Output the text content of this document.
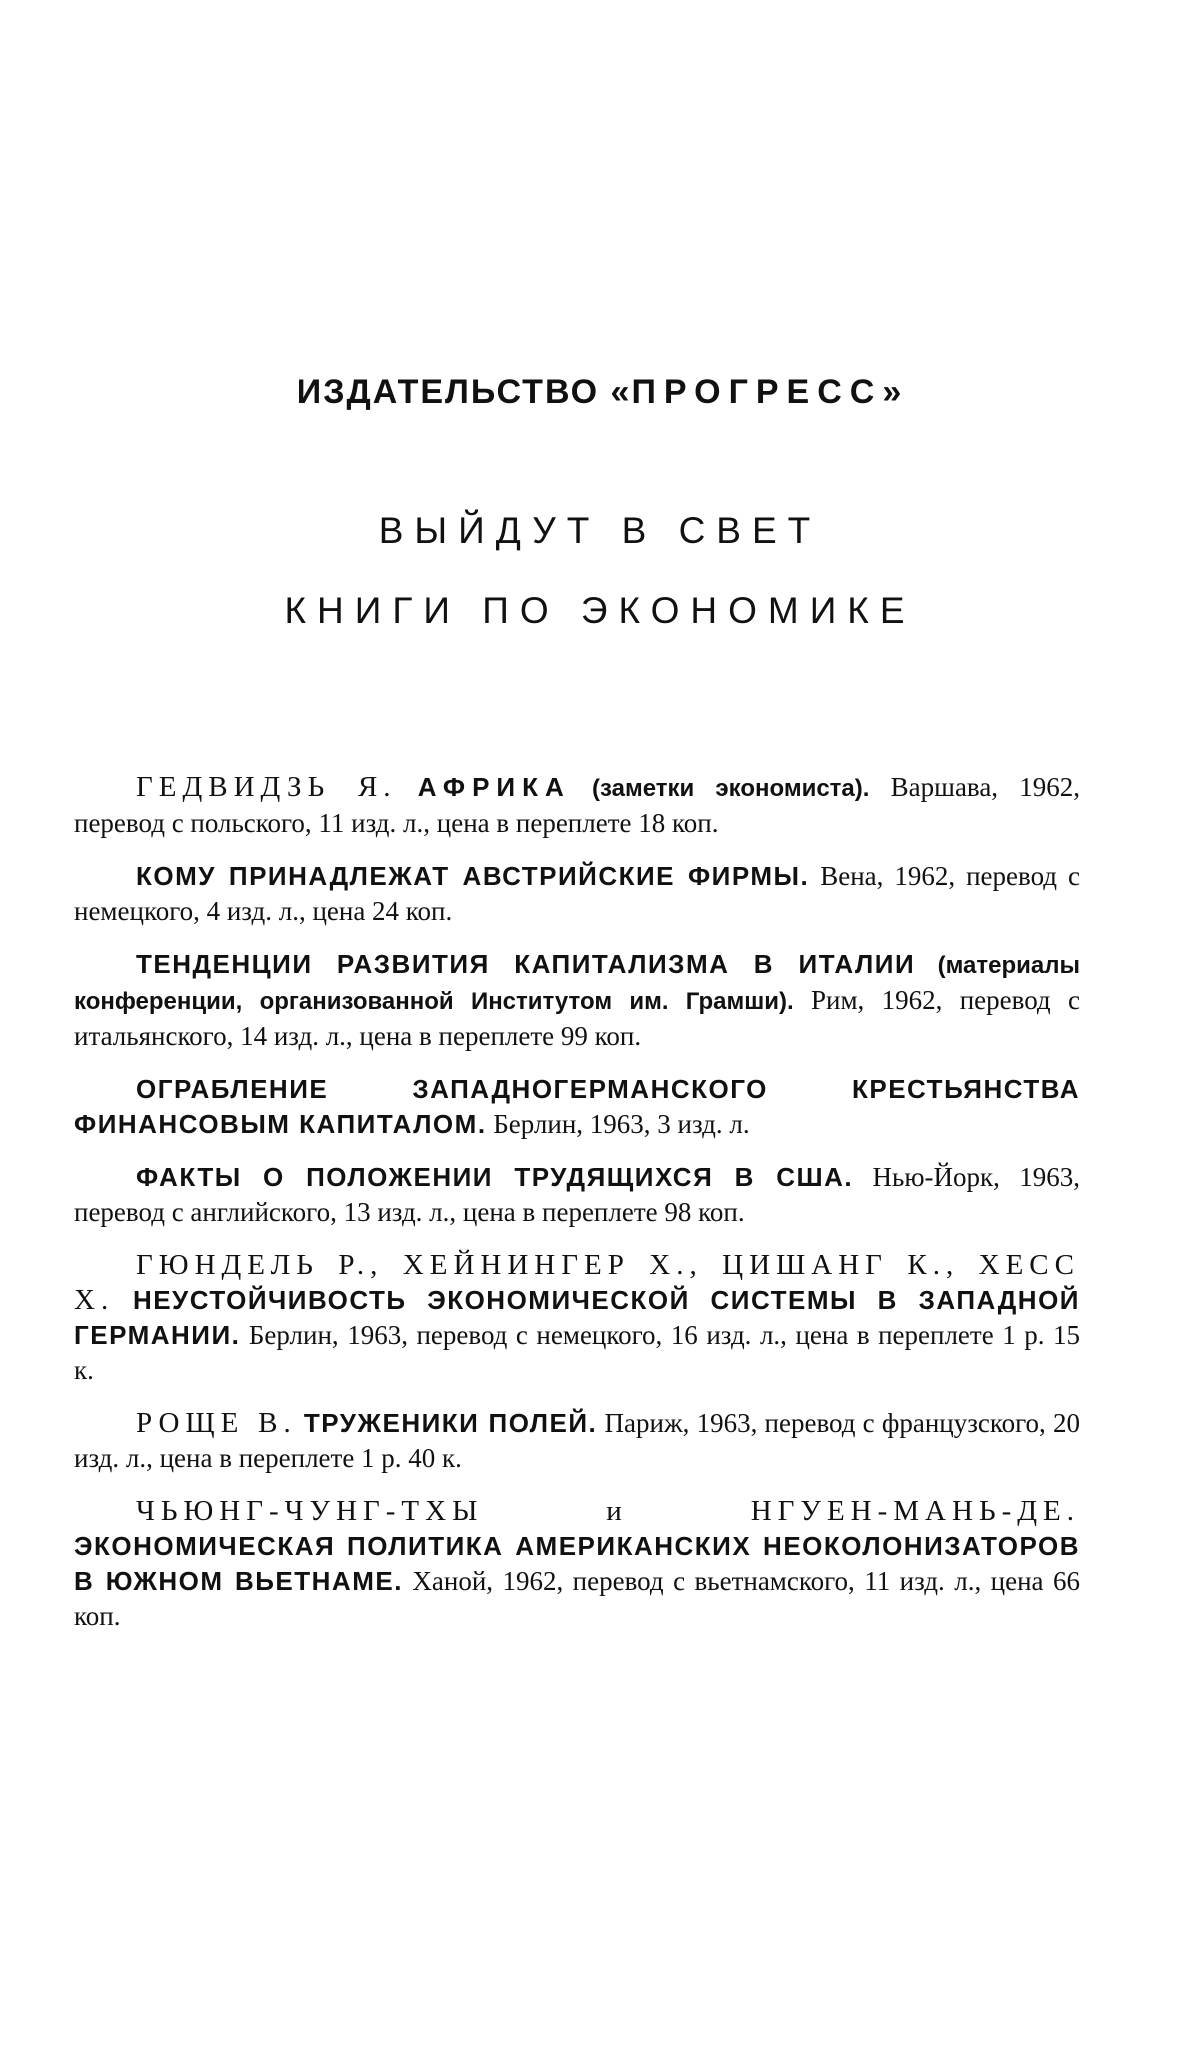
ИЗДАТЕЛЬСТВО «ПРОГРЕСС»
ВЫЙДУТ В СВЕТ
КНИГИ ПО ЭКОНОМИКЕ

ГЕДВИДЗЬ Я. АФРИКА (заметки экономиста). Варшава, 1962, перевод с польского, 11 изд. л., цена в переплете 18 коп.

КОМУ ПРИНАДЛЕЖАТ АВСТРИЙСКИЕ ФИРМЫ. Вена, 1962, перевод с немецкого, 4 изд. л., цена 24 коп.

ТЕНДЕНЦИИ РАЗВИТИЯ КАПИТАЛИЗМА В ИТАЛИИ (материалы конференции, организованной Институтом им. Грамши). Рим, 1962, перевод с итальянского, 14 изд. л., цена в переплете 99 коп.

ОГРАБЛЕНИЕ ЗАПАДНОГЕРМАНСКОГО КРЕСТЬЯНСТВА ФИНАНСОВЫМ КАПИТАЛОМ. Берлин, 1963, 3 изд. л.

ФАКТЫ О ПОЛОЖЕНИИ ТРУДЯЩИХСЯ В США. Нью-Йорк, 1963, перевод с английского, 13 изд. л., цена в переплете 98 коп.

ГЮНДЕЛЬ Р., ХЕЙНИНГЕР Х., ЦИШАНГ К., ХЕСС Х. НЕУСТОЙЧИВОСТЬ ЭКОНОМИЧЕСКОЙ СИСТЕМЫ В ЗАПАДНОЙ ГЕРМАНИИ. Берлин, 1963, перевод с немецкого, 16 изд. л., цена в переплете 1 р. 15 к.

РОЩЕ В. ТРУЖЕНИКИ ПОЛЕЙ. Париж, 1963, перевод с французского, 20 изд. л., цена в переплете 1 р. 40 к.

ЧЬЮНГ-ЧУНГ-ТХЫ и НГУЕН-МАНЬ-ДЕ. ЭКОНОМИЧЕСКАЯ ПОЛИТИКА АМЕРИКАНСКИХ НЕОКОЛОНИЗАТОРОВ В ЮЖНОМ ВЬЕТНАМЕ. Ханой, 1962, перевод с вьетнамского, 11 изд. л., цена 66 коп.
